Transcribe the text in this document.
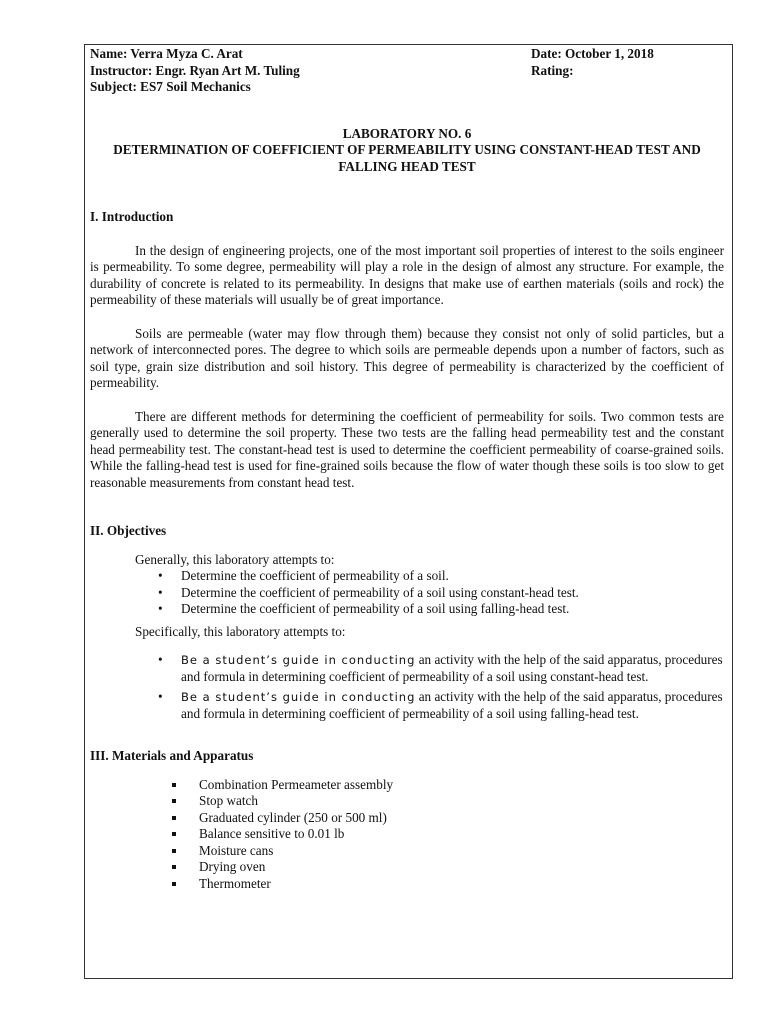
Name: Verra Myza C. Arat	Date: October 1, 2018
Instructor: Engr. Ryan Art M. Tuling	Rating:
Subject: ES7 Soil Mechanics
LABORATORY NO. 6
DETERMINATION OF COEFFICIENT OF PERMEABILITY USING CONSTANT-HEAD TEST AND
FALLING HEAD TEST
I. Introduction

In the design of engineering projects, one of the most important soil properties of interest to the soils engineer is permeability. To some degree, permeability will play a role in the design of almost any structure. For example, the durability of concrete is related to its permeability. In designs that make use of earthen materials (soils and rock) the permeability of these materials will usually be of great importance.

Soils are permeable (water may flow through them) because they consist not only of solid particles, but a network of interconnected pores. The degree to which soils are permeable depends upon a number of factors, such as soil type, grain size distribution and soil history. This degree of permeability is characterized by the coefficient of permeability.

There are different methods for determining the coefficient of permeability for soils. Two common tests are generally used to determine the soil property. These two tests are the falling head permeability test and the constant head permeability test. The constant-head test is used to determine the coefficient permeability of coarse-grained soils. While the falling-head test is used for fine-grained soils because the flow of water though these soils is too slow to get reasonable measurements from constant head test.

II. Objectives
Generally, this laboratory attempts to:
• Determine the coefficient of permeability of a soil.
• Determine the coefficient of permeability of a soil using constant-head test.
• Determine the coefficient of permeability of a soil using falling-head test.
Specifically, this laboratory attempts to:
• Be a student’s guide in conducting an activity with the help of the said apparatus, procedures and formula in determining coefficient of permeability of a soil using constant-head test.
• Be a student’s guide in conducting an activity with the help of the said apparatus, procedures and formula in determining coefficient of permeability of a soil using falling-head test.
III. Materials and Apparatus
Combination Permeameter assembly
Stop watch
Graduated cylinder (250 or 500 ml)
Balance sensitive to 0.01 lb
Moisture cans
Drying oven
Thermometer
